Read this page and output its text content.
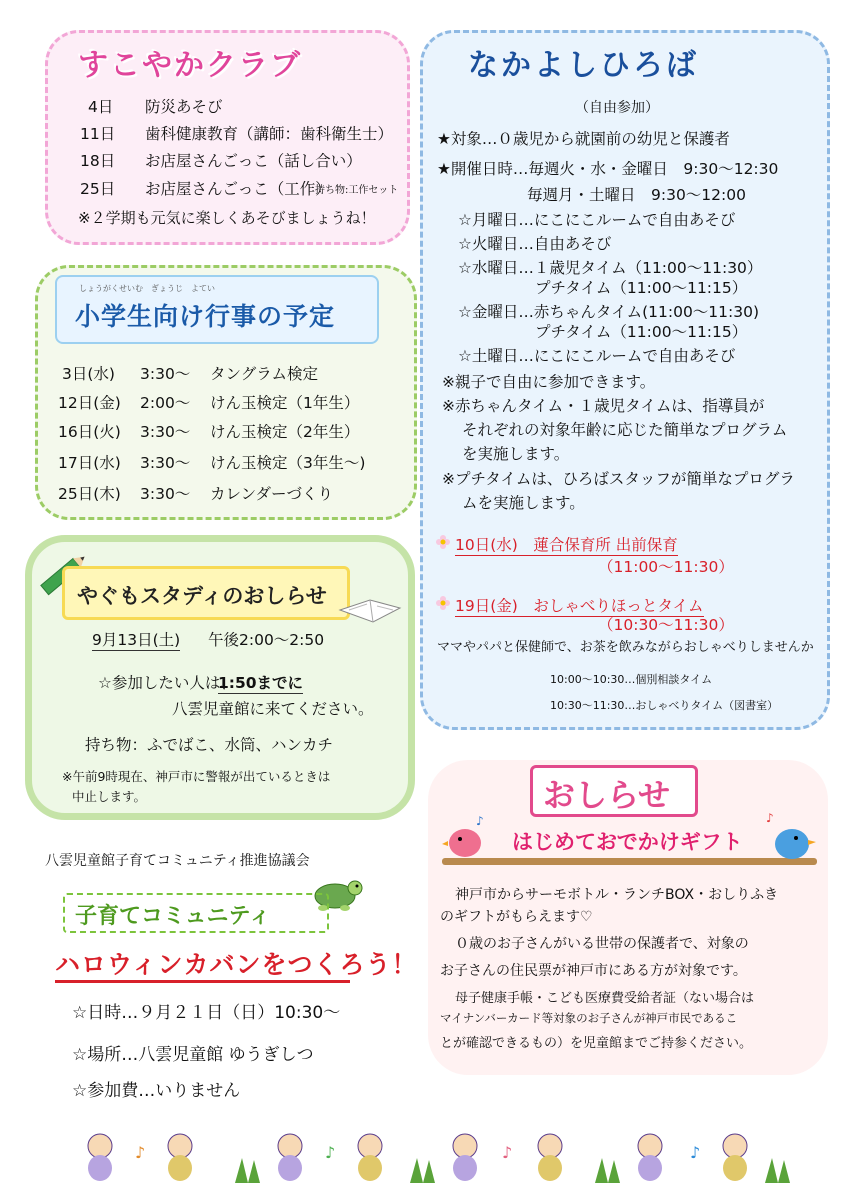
すこやかクラブ
4日 防災あそび
11日 歯科健康教育（講師：歯科衛生士）
18日 お店屋さんごっこ（話し合い）
25日 お店屋さんごっこ（工作）
持ち物:工作セット
※２学期も元気に楽しくあそびましょうね！
しょうがくせいむ　ぎょうじ　よてい
小学生向け行事の予定
3日(水) 3:30～ タングラム検定
12日(金) 2:00～ けん玉検定（1年生）
16日(火) 3:30～ けん玉検定（2年生）
17日(水) 3:30～ けん玉検定（3年生～)
25日(木) 3:30～ カレンダーづくり
やぐもスタディのおしらせ
9月13日(土) 午後2:00～2:50
☆参加したい人は、
1:50までに
八雲児童館に来てください。
持ち物：ふでばこ、水筒、ハンカチ
※午前9時現在、神戸市に警報が出ているときは
中止します。
八雲児童館子育てコミュニティ推進協議会
子育てコミュニティ
ハロウィンカバンをつくろう！
☆日時…９月２１日（日）10:30～
☆場所…八雲児童館 ゆうぎしつ
☆参加費…いりません
なかよしひろば
（自由参加）
★対象…０歳児から就園前の幼児と保護者
★開催日時…毎週火・水・金曜日　9:30～12:30
毎週月・土曜日　9:30～12:00
☆月曜日…にこにこルームで自由あそび
☆火曜日…自由あそび
☆水曜日…１歳児タイム（11:00～11:30）
プチタイム（11:00～11:15）
☆金曜日…赤ちゃんタイム(11:00～11:30)
プチタイム（11:00～11:15）
☆土曜日…にこにこルームで自由あそび
※親子で自由に参加できます。
※赤ちゃんタイム・１歳児タイムは、指導員が
それぞれの対象年齢に応じた簡単なプログラム
を実施します。
※プチタイムは、ひろばスタッフが簡単なプログラ
ムを実施します。
10日(水)　蓮合保育所 出前保育
（11:00～11:30）
19日(金)　おしゃべりほっとタイム
（10:30～11:30）
ママやパパと保健師で、お茶を飲みながらおしゃべりしませんか
10:00～10:30…個別相談タイム
10:30～11:30…おしゃべりタイム（図書室）
おしらせ
♪
はじめておでかけギフト
♪
神戸市からサーモボトル・ランチBOX・おしりふき
のギフトがもらえます♡
０歳のお子さんがいる世帯の保護者で、対象の
お子さんの住民票が神戸市にある方が対象です。
母子健康手帳・こども医療費受給者証（ない場合は
マイナンバーカード等対象のお子さんが神戸市民であるこ
とが確認できるもの）を児童館までご持参ください。
♪	♪	♪	♪
